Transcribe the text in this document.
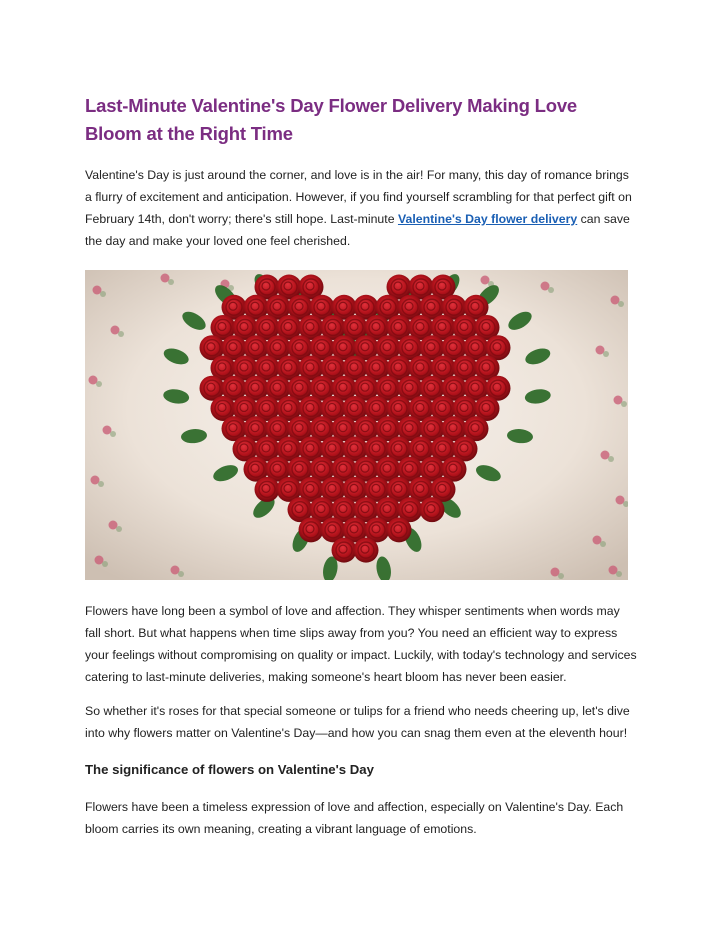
Last-Minute Valentine's Day Flower Delivery Making Love Bloom at the Right Time

Valentine's Day is just around the corner, and love is in the air! For many, this day of romance brings a flurry of excitement and anticipation. However, if you find yourself scrambling for that perfect gift on February 14th, don't worry; there's still hope. Last-minute Valentine's Day flower delivery can save the day and make your loved one feel cherished.

Flowers have long been a symbol of love and affection. They whisper sentiments when words may fall short. But what happens when time slips away from you? You need an efficient way to express your feelings without compromising on quality or impact. Luckily, with today's technology and services catering to last-minute deliveries, making someone's heart bloom has never been easier.

So whether it's roses for that special someone or tulips for a friend who needs cheering up, let's dive into why flowers matter on Valentine's Day—and how you can snag them even at the eleventh hour!

The significance of flowers on Valentine's Day

Flowers have been a timeless expression of love and affection, especially on Valentine's Day. Each bloom carries its own meaning, creating a vibrant language of emotions.
